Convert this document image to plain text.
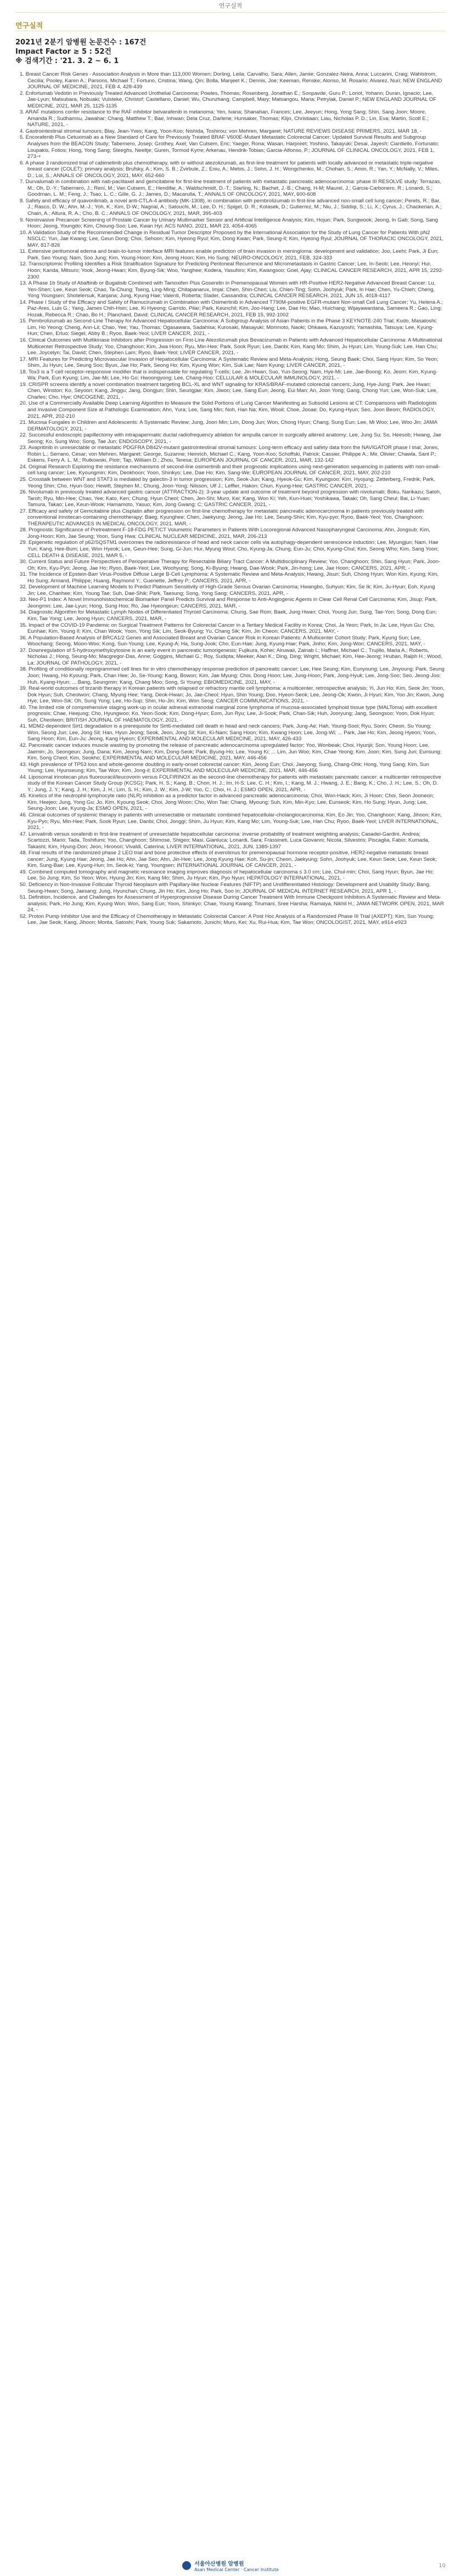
연구실적
연구실적
2021년 2분기 암병원 논문건수 : 167건
Impact Factor ≥ 5 : 52건
※ 검색기간 : '21. 3. 2 ~ 6. 1
1. Breast Cancer Risk Genes - Association Analysis in More than 113,000 Women; Dorling, Leila; Carvalho, Sara; Allen, Jamie; Gonzalez-Neira, Anna; Luccarini, Craig; Wahlstrom, Cecilia; Pooley, Karen A.; Parsons, Michael T.; Fortuno, Cristina; Wang, Qin; Bolla, Manjeet K.; Dennis, Joe; Keeman, Renske; Alonso, M. Rosario; Alvarez, Nuri; NEW ENGLAND JOURNAL OF MEDICINE, 2021, FEB 4, 428-439
2. Enfortumab Vedotin in Previously Treated Advanced Urothelial Carcinoma; Powles, Thomas; Rosenberg, Jonathan E.; Sonpavde, Guru P.; Loriot, Yohann; Duran, Ignacio; Lee, Jae-Lyun; Matsubara, Nobuaki; Vulsteke, Christof; Castellano, Daniel; Wu, Chunzhang; Campbell, Mary; Matsangou, Maria; Petrylak, Daniel P.; NEW ENGLAND JOURNAL OF MEDICINE, 2021, MAR 25, 1125-1135
3. ARAF mutations confer resistance to the RAF inhibitor belvarafenib in melanoma; Yen, Ivana; Shanahan, Frances; Lee, Jeeyun; Hong, Yong Sang; Shin, Sang Joon; Moore, Amanda R.; Sudhamsu, Jawahar; Chang, Matthew T.; Bae, Inhwan; Dela Cruz, Darlene; Hunsaker, Thomas; Klijn, Christiaan; Liau, Nicholas P. D.; Lin, Eva; Martin, Scott E.; NATURE, 2021, -
4. Gastrointestinal stromal tumours; Blay, Jean-Yves; Kang, Yoon-Koo; Nishida, Toshirou; von Mehren, Margaret; NATURE REVIEWS DISEASE PRIMERS, 2021, MAR 18, -
5. Encorafenib Plus Cetuximab as a New Standard of Care for Previously Treated BRAF V600E-Mutant Metastatic Colorectal Cancer: Updated Survival Results and Subgroup Analyses from the BEACON Study; Tabernero, Josep; Grothey, Axel; Van Cutsem, Eric; Yaeger, Rona; Wasan, Harpreet; Yoshino, Takayuki; Desai, Jayesh; Ciardiello, Fortunato; Loupakis, Fotios; Hong, Yong Sang; Steeghs, Neeltje; Guren, Tormod Kyrre; Arkenau, Hendrik-Tobias; Garcia-Alfonso, P.; JOURNAL OF CLINICAL ONCOLOGY, 2021, FEB 1, 273-+
6. A phase 3 randomized trial of cabimetinib plus chemotherapy, with or without atezolizumab, as first-line treatment for patients with locally advanced or metastatic triple-negative breast cancer (COLET): primary analysis; Brufsky, A.; Kim, S. B.; Zvirbule, Z.; Eniu, A.; Mebis, J.; Sohn, J. H.; Wongchenko, M.; Chohan, S.; Amin, R.; Yan, Y.; McNally, V.; Miles, D.; Loi, S.; ANNALS OF ONCOLOGY, 2021, MAY, 652-660
7. Durvalumab in combination with nab-paclitaxel and gemcitabine for first-line treatment of patients with metastatic pancreatic adenocarcinoma: phase III RESOLVE study; Terrazas, M.; Oh, D.-Y.; Tabernero, J.; Reni, M.; Van Cutsem, E.; Hendifar, A.; Waldschmidt, D.-T.; Starling, N.; Bachet, J.-B.; Chang, H-M; Maurel, J.; Garcia-Carbonero, R.; Lonardi, S.; Goodman, L. M.; Feng, J.; Tsao, L. C.; Gille, G. J.; James, D.; Macarulla, T.; ANNALS OF ONCOLOGY, 2021, MAY, 600-608
8. Safety and efficacy of quavonlimab, a novel anti-CTLA-4 antibody (MK-1308), in combination with pembrolizumab in first-line advanced non-small cell lung cancer; Perets, R.; Bar, J.; Rasco, D. W.; Ahn, M.-J.; Yoh, K.; Kim, D-W.; Nagrial, A.; Satouchi, M.; Lee, D. H.; Spigel, D. R.; Kotasek, D.; Gutierrez, M.; Niu, J.; Siddiqi, S.; Li, X.; Cyrus, J.; Chackerian, A.; Chain, A.; Altura, R. A.; Cho, B. C.; ANNALS OF ONCOLOGY, 2021, MAR, 395-403
9. Noninvasive Precancer Screening of Prostate Cancer by Urinary Multimarker Sensor and Artificial Intelligence Analysis; Kim, Hojun; Park, Sungwook; Jeong, In Gab; Song, Sang Hoon; Jeong, Youngdo; Kim, Choung-Soo; Lee, Kwan Hyi; ACS NANO, 2021, MAR 23, 4054-4065
10. A Validation Study of the Recommended Change in Residual Tumor Descriptor Proposed by the International Association for the Study of Lung Cancer for Patients With pN2 NSCLC; Yun, Jae Kwang; Lee, Geun Dong; Choi, Sehoon; Kim, Hyeong Ryul; Kim, Dong Kwan; Park, Seung-Il; Kim, Hyeong Ryul; JOURNAL OF THORACIC ONCOLOGY, 2021, MAY, 817-826
11. Extensive peritumoral edema and brain-to-tumor interface MRI features enable prediction of brain invasion in meningioma: development and validation; Joo, Leehi; Park, Ji Eun; Park, Seo Young; Nam, Soo Jung; Kim, Young-Hoon; Kim, Jeong Hoon; Kim, Ho Sung; NEURO-ONCOLOGY, 2021, FEB, 324-333
12. Transcriptomic Profiling Identifies a Risk Stratification Signature for Predicting Peritoneal Recurrence and Micrometastasis in Gastric Cancer; Lee, In-Seob; Lee, Heonyi; Hur, Hoon; Kanda, Mitsuro; Yook, Jeong-Hwan; Kim, Byung-Sik; Woo, Yanghee; Kodera, Yasuhiro; Kim, Kwangsoo; Goel, Ajay; CLINICAL CANCER RESEARCH, 2021, APR 15, 2292-2300
13. A Phase 1b Study of Abaftinib or Bugalisib Combined with Tamoxifen Plus Goserelin in Premenopausal Women with HR-Positive HER2-Negative Advanced Breast Cancer; Lu, Yen-Shen; Lee, Keun Seok; Chao, Ta-Chung; Tseng, Ling-Ming; Chitapanarux, Imjai; Chen, Shin-Chen; Liu, Chien-Ting; Sohn, Joohyuk; Park, In Hae; Chen, Yu-Chieh; Cheng, Yong Youngsen; Shotelersuk, Kanjana; Jung, Kyung Hae; Valenti, Roberta; Slader, Cassandra; CLINICAL CANCER RESEARCH, 2021, JUN 15, 4018-4117
14. Phase I Study of the Efficacy and Safety of Ramucirumab in Combination with Osimertinib in Advanced T790M-positive EGFR-mutant Non-small Cell Lung Cancer; Yu, Helena A.; Paz-Ares, Luis G.; Yang, James Chih-Hsin; Lee, Ki Hyeong; Garrido, Pilar; Park, Keunchil; Kim, Joo-Hang; Lee, Dae Ho; Mao, Huichang; Wijayawardana, Sameera R.; Gao, Ling; Hozak, Rebecca R.; Chao, Bo H.; Planchard, David; CLINICAL CANCER RESEARCH, 2021, FEB 15, 992-1002
15. Pembrolizumab as Second-Line Therapy for Advanced Hepatocellular Carcinoma: A Subgroup Analysis of Asian Patients in the Phase 3 KEYNOTE-240 Trial; Kudo, Masatoshi; Lim, Ho Yeong; Cheng, Ann-Lii; Chao, Yee; Yau, Thomas; Ogasawara, Sadahisa; Kurosaki, Masayuki; Morimoto, Naoki; Ohkawa, Kazuyoshi; Yamashita, Tatsuya; Lee, Kyung-Hun; Chen, Erluo; Siegel, Abby B.; Ryoo, Baek-Yeol; LIVER CANCER, 2021, -
16. Clinical Outcomes with Multikinase Inhibitors after Progression on First-Line Atezolizumab plus Bevacizumab in Patients with Advanced Hepatocellular Carcinoma: A Multinational Multicenter Retrospective Study; Yoo, Changhoon; Kim, Jwa Hoon; Ryu, Min-Hee; Park, Sook Ryun; Lee, Danbi; Kim, Kang Mo; Shim, Ju Hyun; Lim, Young-Suk; Lee, Han Chu; Lee, Joycelyn; Tai, David; Chen, Stephen Lam; Ryoo, Baek-Yeol; LIVER CANCER, 2021, -
17. MRI Features for Predicting Microvascular Invasion of Hepatocellular Carcinoma: A Systematic Review and Meta-Analysis; Hong, Seung Baek; Choi, Sang Hyun; Kim, So Yeon; Shim, Ju Hyun; Lee, Seung Soo; Byun, Jae Ho; Park, Seong Ho; Kim, Kyung Won; Kim, Suk Lae; Nam Kyung; LIVER CANCER, 2021, -
18. Tox3 is a T-cell receptor-responsive modifier that is indispensable for regulating T-cells; Lee, Jin-Hwan; Suo, Yun-Seong; Nam, Hye-Mi; Lee, Jae-Boong; Ko, Jeom; Kim, Kyung-Wa; Park, Eun Kyung; Lim, Jae-Mi; Lee, Ho Go; Hwoongyong; Lee, Chang-Hoo; CELLULAR & MOLECULAR IMMUNOLOGY, 2021, -
19. CRISPR screens identify a novel combination treatment targeting BCL-XL and WNT signaling for KRAS/BRAF-mutated colorectal cancers; Jung, Hye-Jung; Park, Jee Hwan; Chen, Winston; Ko, Seyoon; Kang, Jinggu; Jang, Dongjun; Shin, Seungjae; Kim, Jiwon; Lee, Sang Eun; Jeong, Eui Man; An, Joon Yong; Gang, Chong Yun; Lee, Won-Suk; Lee, Charles; Cho, Hye; ONCOGENE, 2021, -
20. Use of a Commercially Available Deep Learning Algorithm to Measure the Solid Portions of Lung Cancer Manifesting as Subsolid Lesions at CT: Comparisons with Radiologists and Invasive Component Size at Pathologic Examination; Ahn, Yura; Lee, Sang Min; Noh, Han Na; Kim, Wooil; Choe, Jooae; Do, Kyung-Hyun; Seo, Joon Beom; RADIOLOGY, 2021, APR, 202-210
21. Mucosa Fungales in Children and Adolescents: A Systematic Review; Jung, Joon Min; Lim, Dong Jun; Won, Chong Hyun; Chang, Sung Eun; Lee, Mi Woo; Lee, Woo Jin; JAMA DERMATOLOGY, 2021, -
22. Successful endoscopic papillectomy with intrapapermatic ductal radiofrequency ablation for ampulla cancer in surgically altered anatomy; Lee, Jung Su; So, Heesob; Hwang, Jae Seong; Ko, Sung Woo; Song, Tae Jun; ENDOSCOPY, 2021, -
23. Avapritinib in unresectable or metastatic PDGFRA D842V-mutant gastrointestinal stromal tumours: Long-term efficacy and safety data from the NAVIGATOR phase I trial; Jones, Robin L.; Serrano, Cesar; von Mehren, Margaret; George, Suzanne; Heinrich, Michael C.; Kang, Yoon-Koo; Schoffski, Patrick; Cassier, Philippe A.; Mir, Olivier; Chawla, Sant P.; Eskens, Ferry A. L. M.; Rutkowski, Piotr; Tap, William D.; Zhou, Teresa; EUROPEAN JOURNAL OF CANCER, 2021, MAR, 132-142
24. Original Research Exploring the resistance mechanisms of second-line osimertinib and their prognostic implications using next-generation sequencing in patients with non-small-cell lung cancer; Lee, Kyoungmin; Kim, Deokhoon; Yoon, Shinkyo; Lee, Dae Ho; Kim, Sang-We; EUROPEAN JOURNAL OF CANCER, 2021, MAY, 202-210
25. Crosstalk between WNT and STAT3 is mediated by galectin-3 in tumor progression; Kim, Seok-Jun; Kang, Hyeok-Gu; Kim, Kyungsoo; Kim, Hyojung; Zetterberg, Fredrik; Park, Yeong Shin; Cho, Hyun-Soo; Hewitt, Stephen M.; Chung, Joon-Yong; Nilsson, Ulf J.; Leffler, Hakon; Chun, Kyung-Hee; GASTRIC CANCER, 2021, -
26. Nivolumab in previously treated advanced gastric cancer (ATTRACTION-2): 3-year update and outcome of treatment beyond progression with nivolumab; Boku, Narikazu; Satoh, Taroh; Ryu, Min-Hee; Chao, Yee; Kato, Ken; Chung, Hyun Cheol; Chen, Jen-Shi; Muro, Kei; Kang, Won Ki; Yeh, Kun-Huei; Yoshikawa, Takaki; Oh, Sang Cheul; Bai, Li-Yuan; Tamura, Takao; Lee, Keun-Wook; Hamamoto, Yasuo; Kim, Jong Gwang; C; GASTRIC CANCER, 2021, -
27. Efficacy and safety of Gemcitabine plus Cisplatin after progression on first-line chemotherapy for metastatic pancreatic adenocarcinoma in patients previously treated with conventional irinotecan-containing chemotherapy; Baeg, Kyunghee; Chen, Jaekyung; Jeong, Jae Ho; Lee, Seung-Shin; Kim, Kyu-pyo; Ryoo, Baek-Yeol; Yoo, Changhoon; THERAPEUTIC ADVANCES IN MEDICAL ONCOLOGY, 2021, MAR, -
28. Prognostic Significance of Pretreatment F-18-FDG PET/CT Volumetric Parameters in Patients With Locoregional Advanced Nasopharyngeal Carcinoma; Ahn, Jongsub; Kim, Jong-Hoon; Kim, Jae Seung; Yoon, Sung Hwa; CLINICAL NUCLEAR MEDICINE, 2021, MAR, 206-213
29. Epigenetic regulation of p62/SQSTM1 overcomes the radioresistance of head and neck cancer cells via autophagy-dependent senescence induction; Lee, Myungjun; Nam, Hae Yun; Kang, Hee-Bum; Lee, Won Hyeok; Lee, Geun-Hee; Sung, Gi-Jun; Hur, Myung Woul; Cho, Kyung-Ja; Chung, Eun-Ju; Choi, Kyung-Chul; Kim, Seong Who; Kim, Sang Yoon; CELL DEATH & DISEASE, 2021, MAR 5, -
30. Current Status and Future Perspectives of Perioperative Therapy for Resectable Biliary Tract Cancer: A Multidisciplinary Review; Yoo, Changhoon; Shin, Sang Hyun; Park, Joon-Oh; Kim, Kyu-Pyo; Jeong, Jae Ho; Ryoo, Baek-Yeol; Lee, Woohyung; Song, Ki-Byung; Hwang, Dae-Wook; Park, Jin-hong; Lee, Jae Hoon; CANCERS, 2021, APR, -
31. The Incidence of Epstein-Barr Virus-Positive Diffuse Large B-Cell Lymphoma: A Systematic Review and Meta-Analysis; Hwang, Jisun; Suh, Chong Hyun; Won Kim, Kyung; Kim, Ho Sung; Armand, Philippe; Huang, Raymond Y.; Guenette, Jeffrey P.; CANCERS, 2021, APR, -
32. Development of Machine Learning Models to Predict Platinum Sensitivity of High-Grade Serous Ovarian Carcinoma; Hwangbo, Suhyun; Kim, Se Ik; Kim, Ju-Hyun; Eoh, Kyung Jin; Lee, Chanhee; Kim, Young Tae; Suh, Dae-Shik; Park, Taesung; Song, Yong Sang; CANCERS, 2021, APR, -
33. Neo-P1 Index: A Novel Immunohistochemical Biomarker Panel Predicts Survival and Response to Anti-Angiogenic Agents in Clear Cell Renal Cell Carcinoma; Kim, Jisup; Park, Jeongmin; Lee, Jae-Lyun; Hong, Sung Hoo; Ro, Jae Hyeongeun; CANCERS, 2021, MAR, -
34. Diagnostic Algorithm for Metastatic Lymph Nodes of Differentiated Thyroid Carcinoma; Chung, Sae Rom; Baek, Jung Hwan; Choi, Young Jun; Sung, Tae-Yon; Song, Dong Eun; Kim, Tae Yong; Lee, Jeong Hyun; CANCERS, 2021, MAR, -
35. Impact of the COVID-19 Pandemic on Surgical Treatment Patterns for Colorectal Cancer in a Tertiary Medical Facility in Korea; Choi, Ja Yeon; Park, In Ja; Lee, Hyun Gu; Cho, Eunhae; Kim, Young Il; Kim, Chan Wook; Yoon, Yong Sik; Lim, Seok-Byung; Yu, Chang Sik; Kim, Jin Cheon; CANCERS, 2021, MAY, -
36. A Population-Based Analysis of BRCA1/2 Genes and Associated Breast and Ovarian Cancer Risk in Korean Patients: A Multicenter Cohort Study; Park, Kyung Sun; Lee, Woochang; Seong, Moon-Woo; Kong, Sun-Young; Lee, Kyung-A; Ha, Sung-Jook; Cho, Eun-Hae; Jung, Kyung-Hae; Park, Jinho; Kim, Jong-Won; CANCERS, 2021, MAY, -
37. Downregulation of 5-hydroxymethylcytosine is an early event in pancreatic tumorigenesis; Fujikura, Kohei; Alruwaii, Zainab I.; Haffner, Michael C.; Trujillo, Maria A.; Roberts, Nicholas J.; Hong, Seung-Mo; Macgregor-Das, Anne; Goggins, Michael G.; Roy, Sudipta; Meeker, Alan K.; Ding, Ding; Wright, Michael; Kim, Hee-Jeong; Hruban, Ralph H.; Wood, La; JOURNAL OF PATHOLOGY, 2021, -
38. Profiling of conditionally reprogrammed cell lines for in vitro chemotherapy response prediction of pancreatic cancer; Lee, Hee Seung; Kim, Eunyoung; Lee, Jinyoung; Park, Seung Joon; Hwang, Ho Kyoung; Park, Chan Hee; Jo, Se-Young; Kang, Bowon; Kim, Jae Myung; Choi, Dong Hoon; Lee, Jung-Hoon; Park, Jong-Hyuk; Lee, Jong-Soo; Seo, Jeong-Joo; Huh, Kyang-Hyun; ... Bang, Seungmin; Kang, Chang Moo; Song, Si Young; EBIOMEDICINE, 2021, MAY, -
39. Real-world outcomes of tirzanib therapy in Korean patients with relapsed or refractory mantle cell lymphoma: a multicenter, retrospective analysis; Yi, Jun Ho; Kim, Seok Jin; Yoon, Dok Hyun; Suh, Cheolwon; Chang, Myung Hee; Yang, Deok-Hwan; Jo, Jae-Cheol; Hyun, Shin Young; Doo, Hyeon-Seok; Lee, Jeong-Ok; Kwon, Ji Hyun; Kim, Yoo Jin; Kwon, Jung Hye; Lee, Won-Sik; Oh, Sung Yong; Lee, Ho-Sup; Shin, Ho-Jin; Kim, Won Seog; CANCER COMMUNICATIONS, 2021, -
40. The limited role of comprehensive staging work-up in ocular adnexal extranodal marginal zone lymphoma of mucosa-associated lymphoid tissue type (MALToma) with excellent prognosis; Chae, Heejung; Cho, Hyungwoo; Ko, Yeon-Sook; Kim, Dong-Hyun; Eom, Jun Ryu; Lee, Ji-Sook; Park, Chan-Sik; Huh, Jooryung; Jang, Seongsoo; Yoon, Dok Hyun; Suh, Cheolwon; BRITISH JOURNAL OF HAEMATOLOGY, 2021, -
41. MDM2-dependent Sirt1 degradation is a prerequisite for Sirt6-mediated cell death in head and neck cancers; Park, Jung-Ae; Hah, Young-Sool; Ryu, Sorin; Cheon, Su Young; Won, Seong Jun; Lee, Jong Sil; Han, Hyun Jeong; Seok, Jeon, Jong Sil; Kim, Ki-Nam; Sang Hoon; Kim, Kwang Hoon; Lee, Jong-Wi; ... Park, Jae Ho; Kim, Jeong Hyeon; Yoon, Sang Hoon; Kim, Eun-Ju; Jeong, Kang Hyeon; EXPERIMENTAL AND MOLECULAR MEDICINE, 2021, MAY, 426-433
42. Pancreatic cancer induces muscle wasting by promoting the release of pancreatic adenocarcinoma upregulated factor; Yoo, Wonbeak; Choi, Hyunjii; Son, Young Hoon; Lee, Jaemin; Jo, Seongeun; Jung, Dana; Kim, Jeong Nam; Kim, Dong-Seok; Park, Byung-Ho; Lee, Young Ki; ... Lim, Jun Woo; Kim, Chae Yeong; Kim, Joon; Kim, Sung Jun; Eunsung; Kim, Song Cheol; Kim, Seokho; EXPERIMENTAL AND MOLECULAR MEDICINE, 2021, MAY, 446-456
43. High prevalence of TP53 loss and whole-genome doubling in early-onset colorectal cancer; Kim, Jeong Eun; Choi, Jaeyong; Sung, Chang-Ohk; Hong, Yong Sang; Kim, Sun Young; Lee, Hyunseung; Kim, Tae Won; Kim, Jong-il; EXPERIMENTAL AND MOLECULAR MEDICINE, 2021, MAR, 446-456
44. Liposomal irinotecan plus fluorouracil/leucovorin versus FOLFIRINOX as the second-line chemotherapy for patients with metastatic pancreatic cancer: a multicenter retrospective study of the Korean Cancer Study Group (KCSG); Park, H. S.; Kang, B.; Chon, H. J.; Im, H-S; Lee, C. H.; Kim, I.; Kang, M. J.; Hwang, J. E.; Bang, K.; Cho, J. H.; Lee, S.; Oh, D. Y.; Jung, J. Y.; Kang, J. H.; Kim, J. H.; Lim, S. H.; Kim, J. W.; Kim, J-W; Yoo, C.; Choi, H. J.; ESMO OPEN, 2021, APR, -
45. Kinetics of the neutrophil-lymphocyte ratio (NLR) inhibition as a predictor factor in advanced pancreatic adenocarcinoma; Choi, Won-Hack; Kim, Ji Hoon; Choi, Seon Jooneon; Kim, Heejeo; Jung, Yong Gu; Jo, Kim, Kyoung Seok; Choi, Jong Woon; Cho, Won Tae; Chang, Myoung; Suh, Kim, Min-Kyo; Lee, Eunseok; Kim, Ho Sung; Hyun, Jung; Lee, Seung-Joon; Lee, Kyung-Ja; ESMO OPEN, 2021, -
46. Clinical outcomes of systemic therapy in patients with unresectable or metastatic combined hepatocellular-cholangiocarcinoma; Kim, Eo Jin; Yoo, Changhoon; Kang, Jihoon; Kim, Kyu-Pyo; Ryu, Min-Hee; Park, Sook Ryun; Lee, Danbi; Choi, Jonggi; Shim, Ju Hyun; Kim, Kang Mo; Lim, Young-Suk; Lee, Han Chu; Ryoo, Baek-Yeol; LIVER INTERNATIONAL, 2021, -
47. Lenvatinib versus sorafenib in first-line treatment of unresectable hepatocellular carcinoma: inverse probability of treatment weighting analysis; Casadei-Gardini, Andrea; Scartozzi, Mario; Tada, Toshifumi; Yoo, Changhoon; Shimose, Shigeo; Masi, Gianluca; Lonardi, Sara; Frassineti, Luca Giovanni; Nicola, Silvestris; Piscaglia, Fabio; Kumada, Takashi; Kim, Hyung-Don; Jeon, Hironori; Vivaldi, Caterina; LIVER INTERNATIONAL, 2021, JUN, 1389-1397
48. Final results of the randomized phase 2 LEO trial and bone protective effects of everolimus for premenopausal hormone receptor-positive, HER2-negative metastatic breast cancer; Jung, Kyung Hae; Jeong, Jae Ho; Ahn, Jae Seo; Ahn, Jin-Hee; Lee, Jong Kyung Hae; Koh, Su-jin; Cheon, Jaekyung; Sohn, Joohyuk; Lee, Keun Seok; Lee, Keun Seok; Kim, Sung-Bae; Lee, Kyung-Hun; Im, Seok-ki; Yang, Youngsen; INTERNATIONAL JOURNAL OF CANCER, 2021, -
49. Combined computed tomography and magnetic resonance imaging improves diagnosis of hepatocellular carcinoma ≤ 3.0 cm; Lee, Chul-min; Choi, Sang Hyun; Byun, Jae Ho; Lee, So Jung; Kim, So Yeon; Won, Hyung Jin; Kim, Kang Mo; Shim, Ju Hyun; Kim, Pyo Nyun; HEPATOLOGY INTERNATIONAL, 2021, -
50. Deficiency in Non-Invasive Follicular Thyroid Neoplasm with Papillary-like Nuclear Features (NIFTP) and Undifferentiated Histology: Development and Usability Study; Bang, Seung-Hwan; Song, Jaesang; Jung, Hyunchan; Chung, Jin Ho; Kim, Jong Ho; Park, Soo In; JOURNAL OF MEDICAL INTERNET RESEARCH, 2021, APR 1, -
51. Definition, Incidence, and Challenges for Assessment of Hyperprogressive Disease During Cancer Treatment With Immune Checkpoint Inhibitors A Systematic Review and Meta-analysis; Park, Ho Jung; Kim, Kyung Won; Won, Sang Eun; Yoon, Shinkyo; Chae, Young Kwang; Tirumani, Sree Harsha; Ramaiya, Nikhil H.; JAMA NETWORK OPEN, 2021, MAR 24, -
52. Proton Pump Inhibitor Use and the Efficacy of Chemotherapy in Metastatic Colorectal Cancer: A Post Hoc Analysis of a Randomized Phase III Trial (AXEPT); Kim, Sun Young; Lee, Jae Seok; Kang, Jihoon; Morita, Satoshi; Park, Young Suk; Sakamoto, Junichi; Muro, Kei; Xu, Rui-Hua; Kim, Tae Won; ONCOLOGIST, 2021, MAY, e914-e923
서울아산병원 암병원
Asan Medical Center · Cancer Institute
10
